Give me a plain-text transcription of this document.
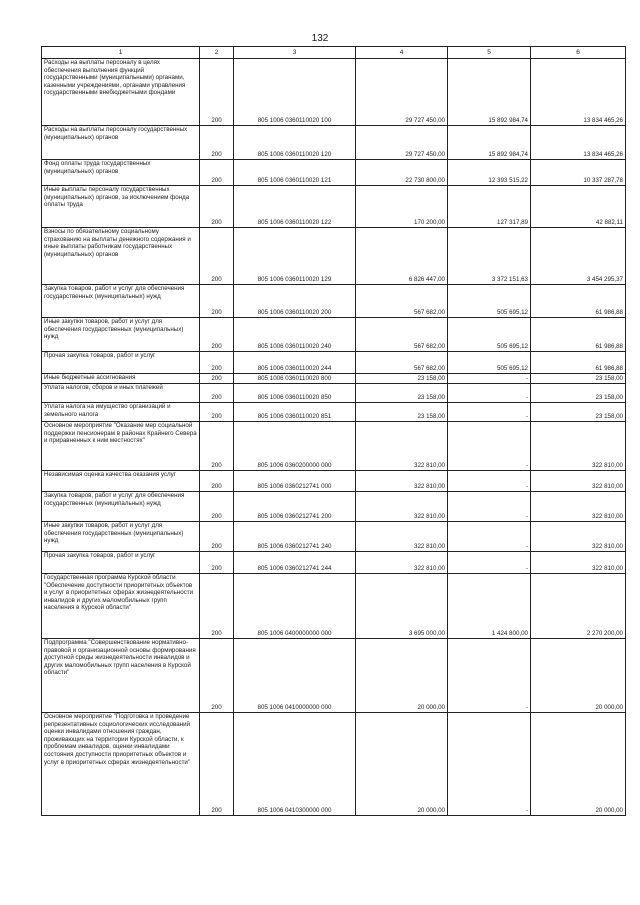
132
1	2	3	4	5	6
Расходы на выплаты персоналу в целях обеспечения выполнения функций государственными (муниципальными) органами, казенными учреждениями, органами управления государственными внебюджетными фондами	200	805 1006 0360110020 100	29 727 450,00	15 892 984,74	13 834 465,26
Расходы на выплаты персоналу государственных (муниципальных) органов	200	805 1006 0360110020 120	29 727 450,00	15 892 984,74	13 834 465,26
Фонд оплаты труда государственных (муниципальных) органов	200	805 1006 0360110020 121	22 730 800,00	12 393 515,22	10 337 287,78
Иные выплаты персоналу государственных (муниципальных) органов, за исключением фонда оплаты труда	200	805 1006 0360110020 122	170 200,00	127 317,89	42 882,11
Взносы по обязательному социальному страхованию на выплаты денежного содержания и иные выплаты работникам государственных (муниципальных) органов	200	805 1006 0360110020 129	6 826 447,00	3 372 151,63	3 454 295,37
Закупка товаров, работ и услуг для обеспечения государственных (муниципальных) нужд	200	805 1006 0360110020 200	567 682,00	505 695,12	61 986,88
Иные закупки товаров, работ и услуг для обеспечения государственных (муниципальных) нужд	200	805 1006 0360110020 240	567 682,00	505 695,12	61 986,88
Прочая закупка товаров, работ и услуг	200	805 1006 0360110020 244	567 682,00	505 695,12	61 986,88
Иные бюджетные ассигнования	200	805 1006 0360110020 800	23 158,00	-	23 158,00
Уплата налогов, сборов и иных платежей	200	805 1006 0360110020 850	23 158,00	-	23 158,00
Уплата налога на имущество организаций и земельного налога	200	805 1006 0360110020 851	23 158,00	-	23 158,00
Основное мероприятие "Оказание мер социальной поддержки пенсионерам в районах Крайнего Севера и приравненных к ним местностях"	200	805 1006 0360200000 000	322 810,00	-	322 810,00
Независимая оценка качества оказания услуг	200	805 1006 0360212741 000	322 810,00	-	322 810,00
Закупка товаров, работ и услуг для обеспечения государственных (муниципальных) нужд	200	805 1006 0360212741 200	322 810,00	-	322 810,00
Иные закупки товаров, работ и услуг для обеспечения государственных (муниципальных) нужд	200	805 1006 0360212741 240	322 810,00	-	322 810,00
Прочая закупка товаров, работ и услуг	200	805 1006 0360212741 244	322 810,00	-	322 810,00
Государственная программа Курской области "Обеспечение доступности приоритетных объектов и услуг в приоритетных сферах жизнедеятельности инвалидов и других маломобильных групп населения в Курской области"	200	805 1006 0400000000 000	3 695 000,00	1 424 800,00	2 270 200,00
Подпрограмма "Совершенствование нормативно-правовой и организационной основы формирования доступной среды жизнедеятельности инвалидов и других маломобильных групп населения в Курской области"	200	805 1006 0410000000 000	20 000,00	-	20 000,00
Основное мероприятие "Подготовка и проведение репрезентативных социологических исследований оценки инвалидами отношения граждан, проживающих на территории Курской области, к проблемам инвалидов, оценки инвалидами состояния доступности приоритетных объектов и услуг в приоритетных сферах жизнедеятельности"	200	805 1006 0410300000 000	20 000,00	-	20 000,00
